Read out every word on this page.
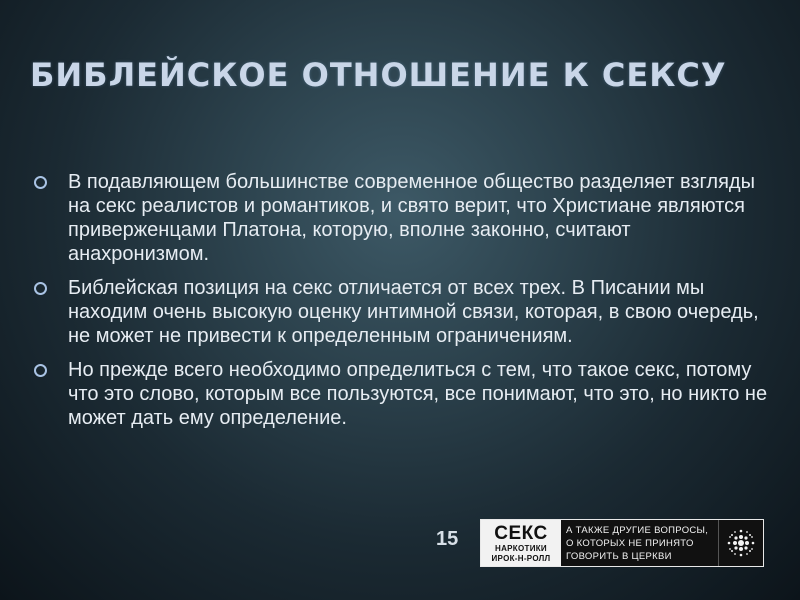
БИБЛЕЙСКОЕ ОТНОШЕНИЕ К СЕКСУ
В подавляющем большинстве современное общество разделяет взгляды на секс реалистов и романтиков, и свято верит, что Христиане являются приверженцами Платона, которую, вполне законно, считают анахронизмом.
Библейская позиция на секс отличается от всех трех. В Писании мы находим очень высокую оценку интимной связи, которая, в свою очередь, не может не привести к определенным ограничениям.
Но прежде всего необходимо определиться с тем, что такое секс, потому что это слово, которым все пользуются, все понимают, что это, но никто не может дать ему определение.
15 СЕКС
НАРКОТИКИ
ИРОК-Н-РОЛЛ
А ТАКЖЕ ДРУГИЕ ВОПРОСЫ,
О КОТОРЫХ НЕ ПРИНЯТО
ГОВОРИТЬ В ЦЕРКВИ
